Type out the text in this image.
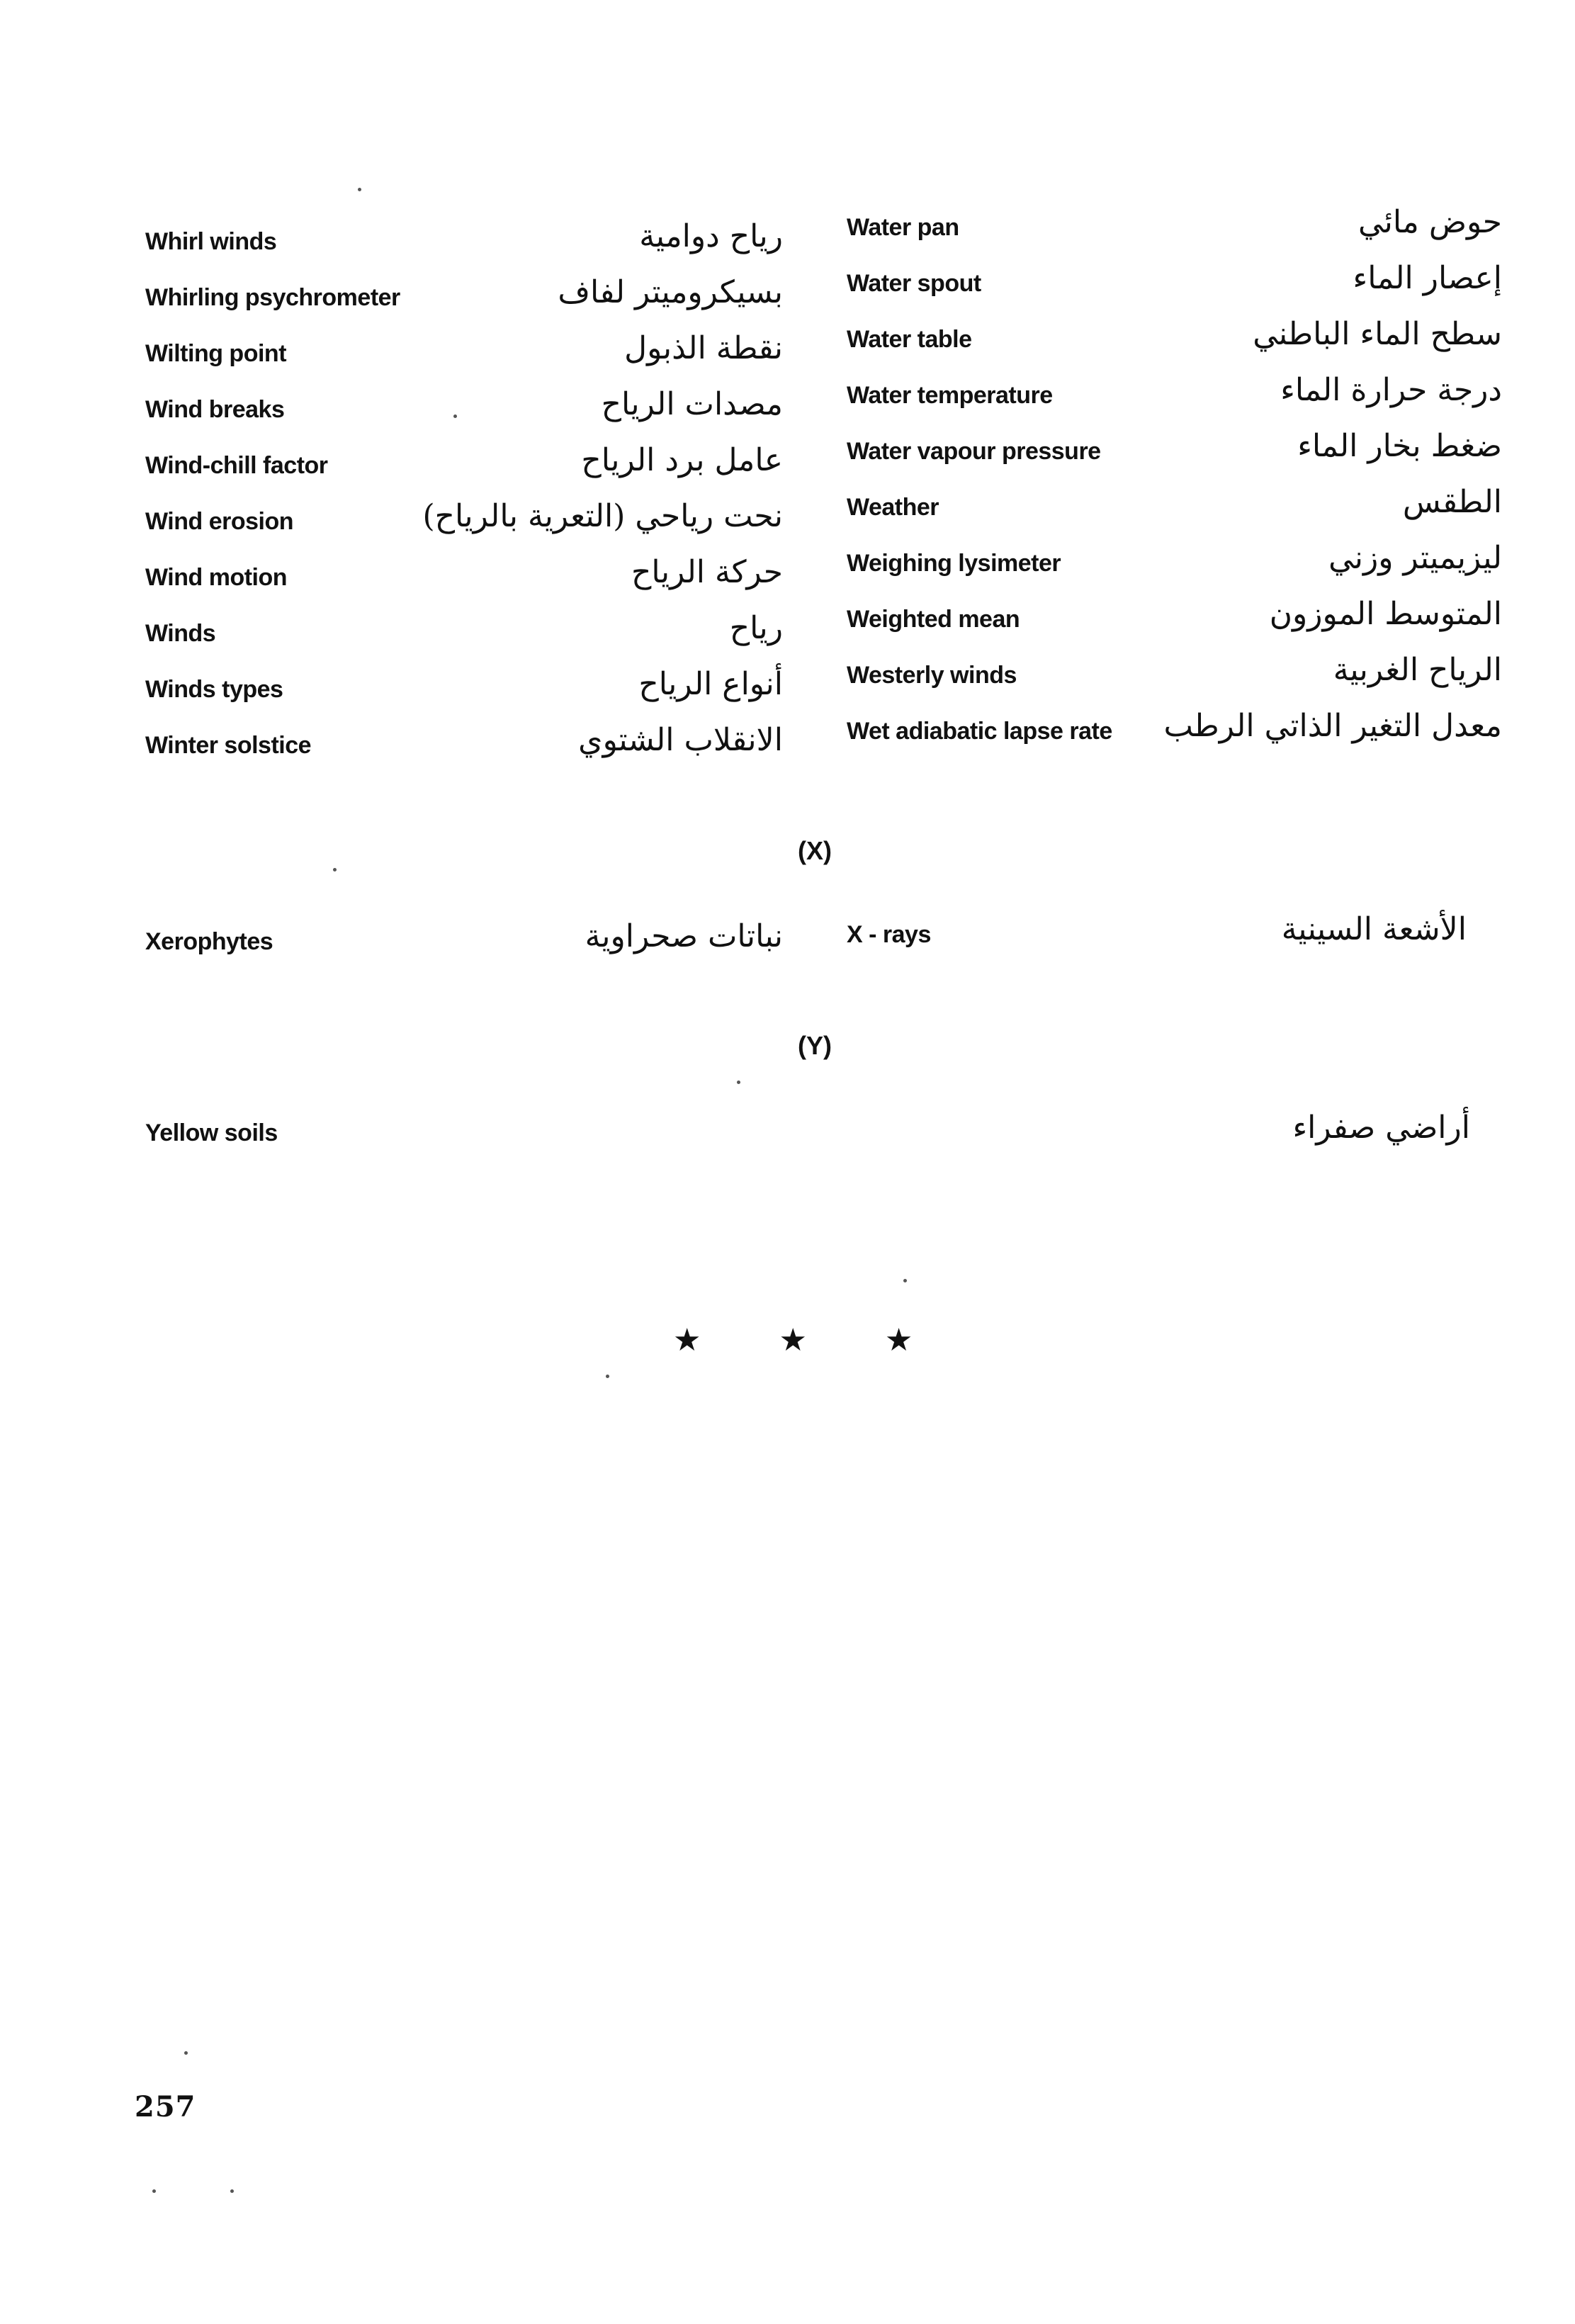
Whirl winds	رياح دوامية
Whirling psychrometer	بسيكروميتر لفاف
Wilting point	نقطة الذبول
Wind breaks	مصدات الرياح
Wind-chill factor	عامل برد الرياح
Wind erosion	نحت رياحي (التعرية بالرياح)
Wind motion	حركة الرياح
Winds	رياح
Winds types	أنواع الرياح
Winter solstice	الانقلاب الشتوي
Water pan	حوض مائي
Water spout	إعصار الماء
Water table	سطح الماء الباطني
Water temperature	درجة حرارة الماء
Water vapour pressure	ضغط بخار الماء
Weather	الطقس
Weighing lysimeter	ليزيميتر وزني
Weighted mean	المتوسط الموزون
Westerly winds	الرياح الغربية
Wet adiabatic lapse rate معدل التغير الذاتي الرطب
(X)
Xerophytes	نباتات صحراوية	X - rays	الأشعة السينية
(Y)
Yellow soils	أراضي صفراء
★	★	★
257
